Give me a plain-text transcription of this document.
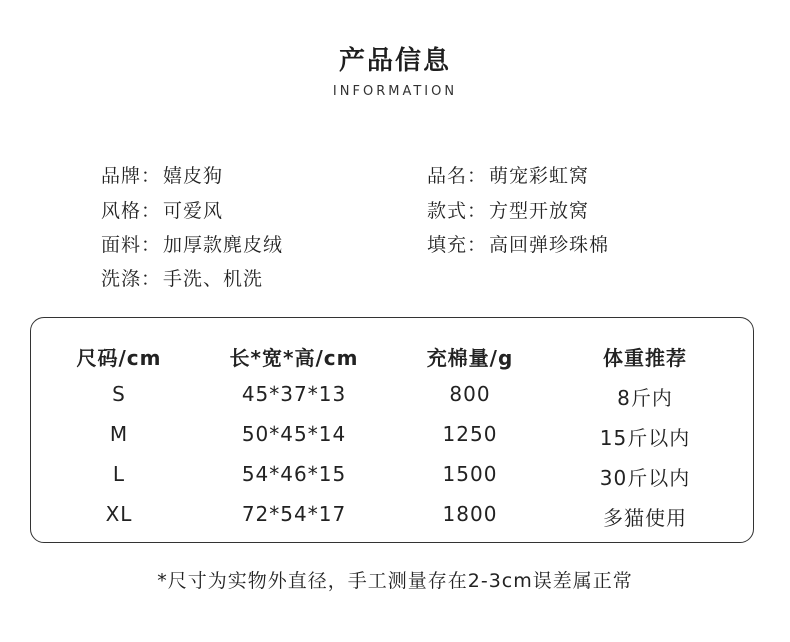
产品信息
INFORMATION
品牌： 嬉皮狗
风格： 可爱风
面料： 加厚款麂皮绒
洗涤： 手洗、机洗
品名： 萌宠彩虹窝
款式： 方型开放窝
填充： 高回弹珍珠棉
尺码/cm	长*宽*高/cm	充棉量/g	体重推荐
S	45*37*13	800	8斤内
M	50*45*14	1250	15斤以内
L	54*46*15	1500	30斤以内
XL	72*54*17	1800	多猫使用
*尺寸为实物外直径，手工测量存在2-3cm误差属正常
